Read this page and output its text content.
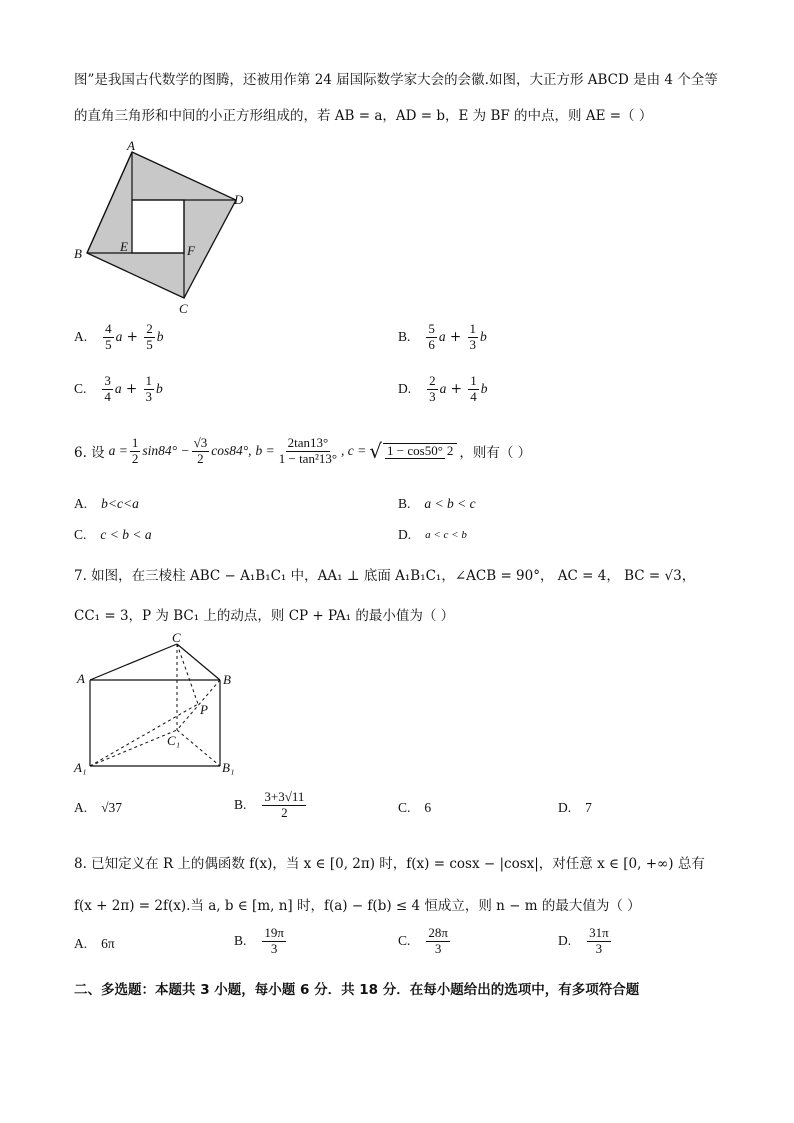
图”是我国古代数学的图腾，还被用作第 24 届国际数学家大会的会徽.如图，大正方形 ABCD 是由 4 个全等
的直角三角形和中间的小正方形组成的，若 AB = a，AD = b，E 为 BF 的中点，则 AE =（ ）
A
D
B	E	F
C
A. $\frac{4}{5}$ $a + \frac{2}{5}$ b	B. $\frac{5}{6}$ $a + \frac{1}{3}$ b
C. $\frac{3}{4}$ $a + \frac{1}{3}$ b	D. $\frac{2}{3}$ $a + \frac{1}{4}$ b
6. 设 $a = \frac{1}{2} \sin 84^\circ - \frac{√3}{2} \cos 84^\circ$, $b = \frac{2\tan 13^\circ}{\text{1 − tan²13°}}$ , c = √ 1 − cos50° 2 ，则有（ ）
A. b<c<a	B. a < b < c
C. c < b < a	D. a < c < b
7. 如图，在三棱柱 ABC − A₁B₁C₁ 中，AA₁ ⊥ 底面 A₁B₁C₁，∠ACB = 90°， AC = 4， BC = √3，
CC₁ = 3，P 为 BC₁ 上的动点，则 CP + PA₁ 的最小值为（ ）
C
A	B
P
C₁
A₁	B₁
A. √37	B. $\frac{3+3√11}{2}$	C. 6	D. 7
8. 已知定义在 R 上的偶函数 f(x)，当 x ∈ [0, 2π) 时，f(x) = cosx − |cosx|，对任意 x ∈ [0, +∞) 总有
f(x + 2π) = 2f(x).当 a, b ∈ [m, n] 时，f(a) − f(b) ≤ 4 恒成立，则 n − m 的最大值为（ ）
A. 6π	B. $\frac{19\pi}{3}$	C. $\frac{28\pi}{3}$	D. $\frac{31\pi}{3}$
二、多选题：本题共 3 小题，每小题 6 分．共 18 分．在每小题给出的选项中，有多项符合题
